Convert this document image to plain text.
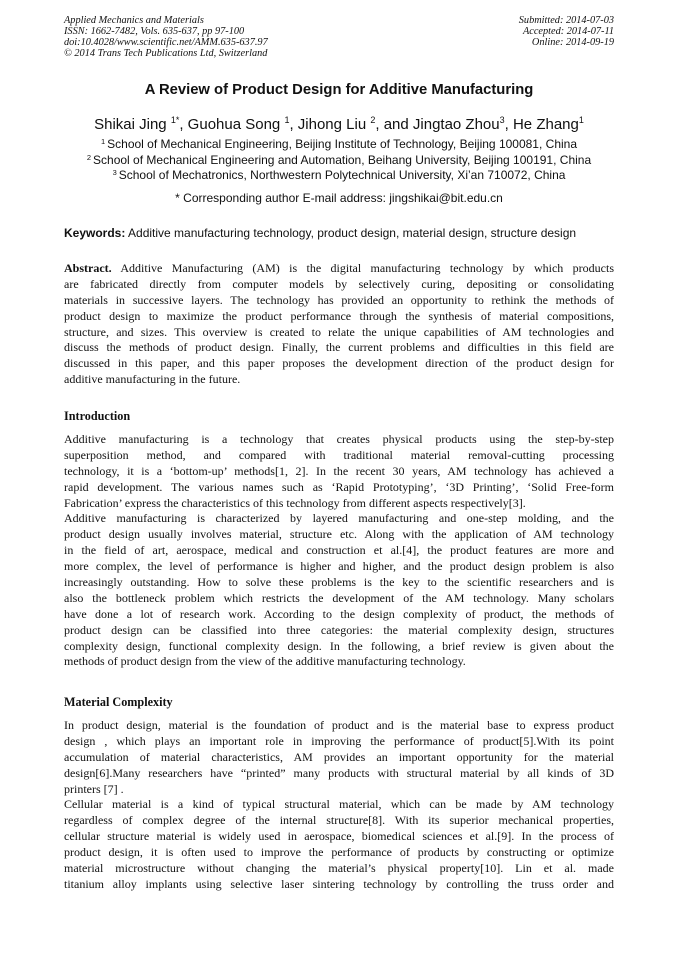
Applied Mechanics and Materials
ISSN: 1662-7482, Vols. 635-637, pp 97-100
doi:10.4028/www.scientific.net/AMM.635-637.97
© 2014 Trans Tech Publications Ltd, Switzerland
Submitted: 2014-07-03
Accepted: 2014-07-11
Online: 2014-09-19
A Review of Product Design for Additive Manufacturing
Shikai Jing $^{1*}$, Guohua Song $^1$, Jihong Liu $^2$, and Jingtao Zhou$^3$, He Zhang$^1$
$^1$ School of Mechanical Engineering, Beijing Institute of Technology, Beijing 100081, China
$^2$ School of Mechanical Engineering and Automation, Beihang University, Beijing 100191, China
$^3$ School of Mechatronics, Northwestern Polytechnical University, Xi’an 710072, China
* Corresponding author E-mail address: jingshikai@bit.edu.cn
Keywords: Additive manufacturing technology, product design, material design, structure design
Abstract. Additive Manufacturing (AM) is the digital manufacturing technology by which products
are fabricated directly from computer models by selectively curing, depositing or consolidating
materials in successive layers. The technology has provided an opportunity to rethink the methods of
product design to maximize the product performance through the synthesis of material compositions,
structure, and sizes. This overview is created to relate the unique capabilities of AM technologies and
discuss the methods of product design. Finally, the current problems and difficulties in this field are
discussed in this paper, and this paper proposes the development direction of the product design for
additive manufacturing in the future.
Introduction
Additive manufacturing is a technology that creates physical products using the step-by-step
superposition method, and compared with traditional material removal-cutting processing
technology, it is a ‘bottom-up’ methods[1, 2]. In the recent 30 years, AM technology has achieved a
rapid development. The various names such as ‘Rapid Prototyping’, ‘3D Printing’, ‘Solid Free-form
Fabrication’ express the characteristics of this technology from different aspects respectively[3].
Additive manufacturing is characterized by layered manufacturing and one-step molding, and the
product design usually involves material, structure etc. Along with the application of AM technology
in the field of art, aerospace, medical and construction et al.[4], the product features are more and
more complex, the level of performance is higher and higher, and the product design problem is also
increasingly outstanding. How to solve these problems is the key to the scientific researchers and is
also the bottleneck problem which restricts the development of the AM technology. Many scholars
have done a lot of research work. According to the design complexity of product, the methods of
product design can be classified into three categories: the material complexity design, structures
complexity design, functional complexity design. In the following, a brief review is given about the
methods of product design from the view of the additive manufacturing technology.
Material Complexity
In product design, material is the foundation of product and is the material base to express product
design , which plays an important role in improving the performance of product[5].With its point
accumulation of material characteristics, AM provides an important opportunity for the material
design[6].Many researchers have “printed” many products with structural material by all kinds of 3D
printers [7] .
Cellular material is a kind of typical structural material, which can be made by AM technology
regardless of complex degree of the internal structure[8]. With its superior mechanical properties,
cellular structure material is widely used in aerospace, biomedical sciences et al.[9]. In the process of
product design, it is often used to improve the performance of products by constructing or optimize
material microstructure without changing the material’s physical property[10]. Lin et al. made
titanium alloy implants using selective laser sintering technology by controlling the truss order and
